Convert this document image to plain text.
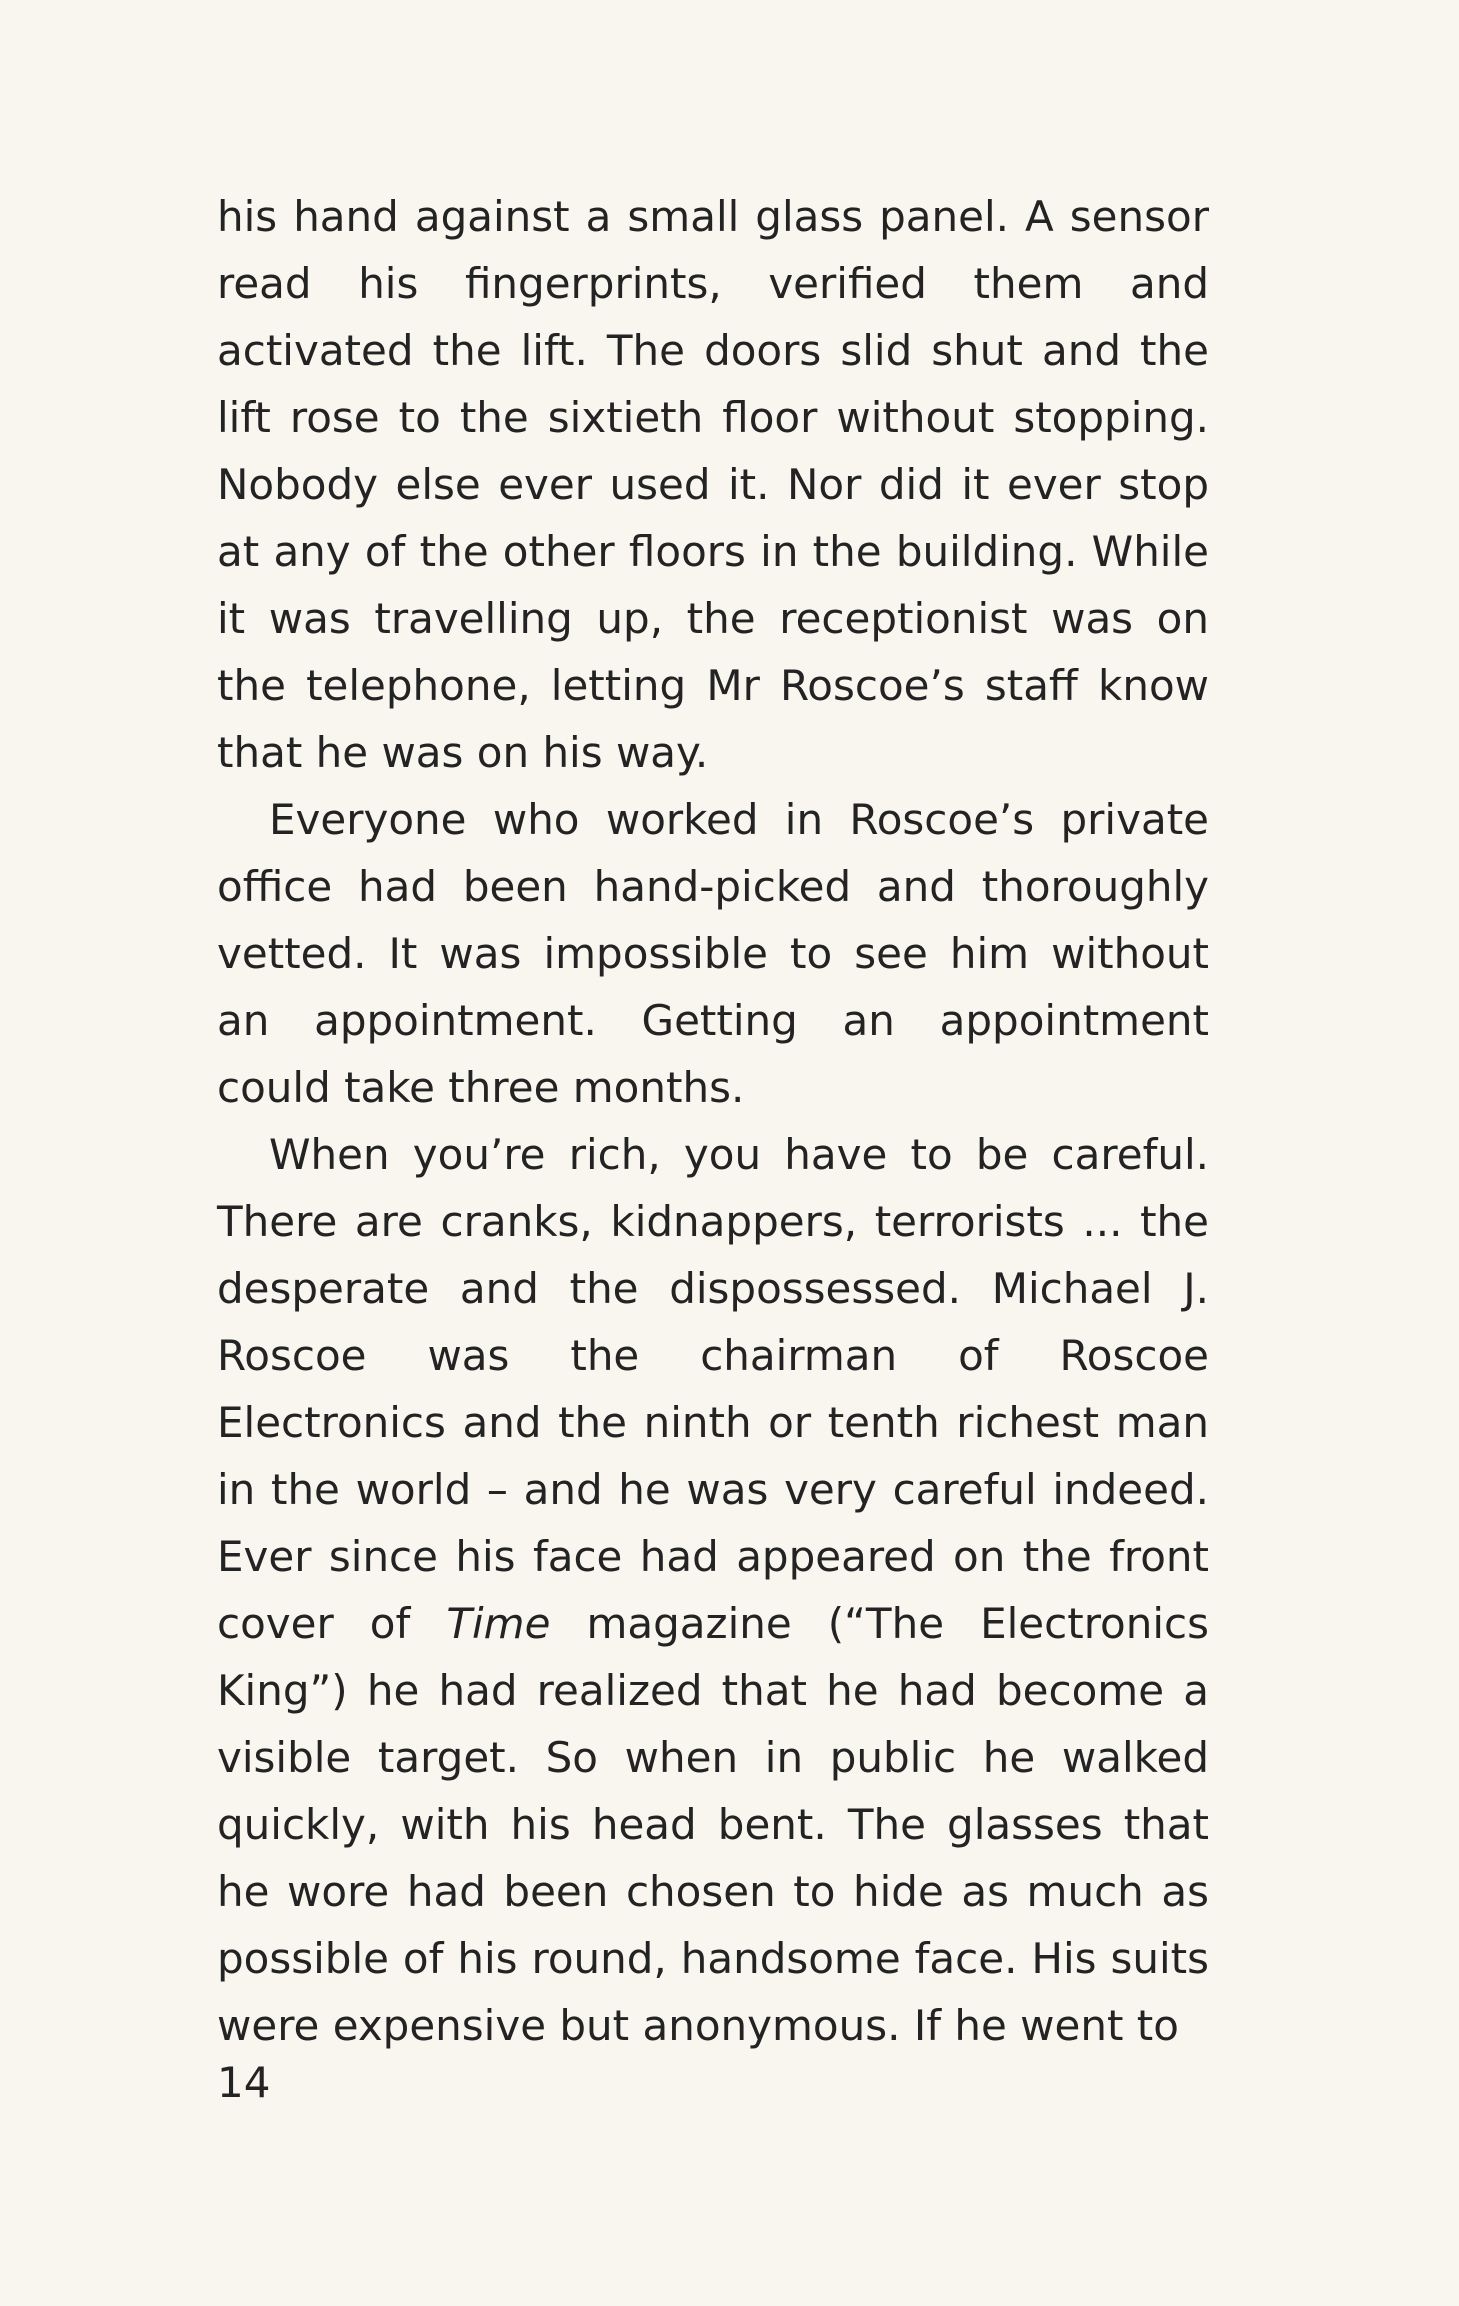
his hand against a small glass panel. A sensor read his fingerprints, verified them and activated the lift. The doors slid shut and the lift rose to the sixtieth floor without stopping. Nobody else ever used it. Nor did it ever stop at any of the other floors in the building. While it was travelling up, the receptionist was on the telephone, letting Mr Roscoe’s staff know that he was on his way.

Everyone who worked in Roscoe’s private office had been hand-picked and thoroughly vetted. It was impossible to see him without an appointment. Getting an appointment could take three months.

When you’re rich, you have to be careful. There are cranks, kidnappers, terrorists ... the desperate and the dispossessed. Michael J. Roscoe was the chairman of Roscoe Electronics and the ninth or tenth richest man in the world – and he was very careful indeed. Ever since his face had appeared on the front cover of Time magazine (“The Electronics King”) he had realized that he had become a visible target. So when in public he walked quickly, with his head bent. The glasses that he wore had been chosen to hide as much as possible of his round, handsome face. His suits were expensive but anonymous. If he went to

14
